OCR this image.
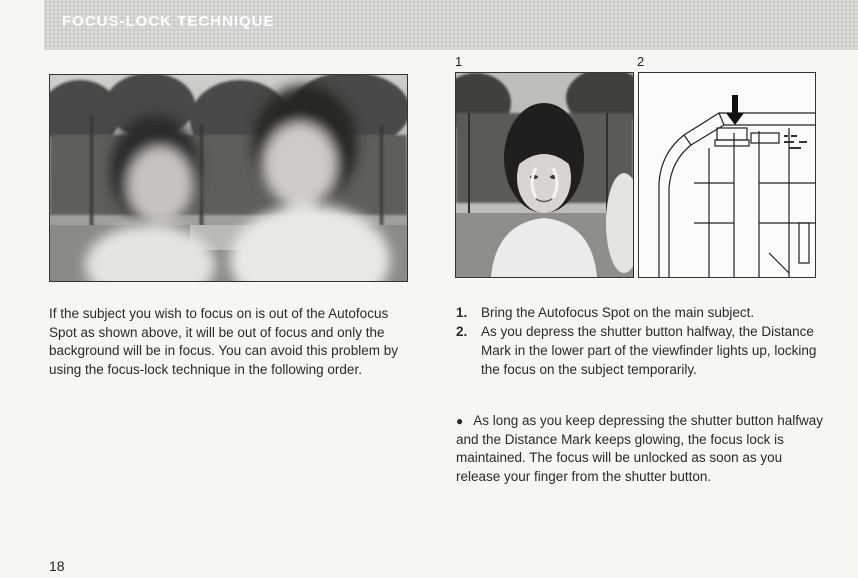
FOCUS-LOCK TECHNIQUE
1	2

If the subject you wish to focus on is out of the Autofocus Spot as shown above, it will be out of focus and only the background will be in focus. You can avoid this problem by using the focus-lock technique in the following order.

1. Bring the Autofocus Spot on the main subject.
2. As you depress the shutter button halfway, the Distance Mark in the lower part of the viewfinder lights up, locking the focus on the subject temporarily.

● As long as you keep depressing the shutter button halfway and the Distance Mark keeps glowing, the focus lock is maintained. The focus will be unlocked as soon as you release your finger from the shutter button.

18
